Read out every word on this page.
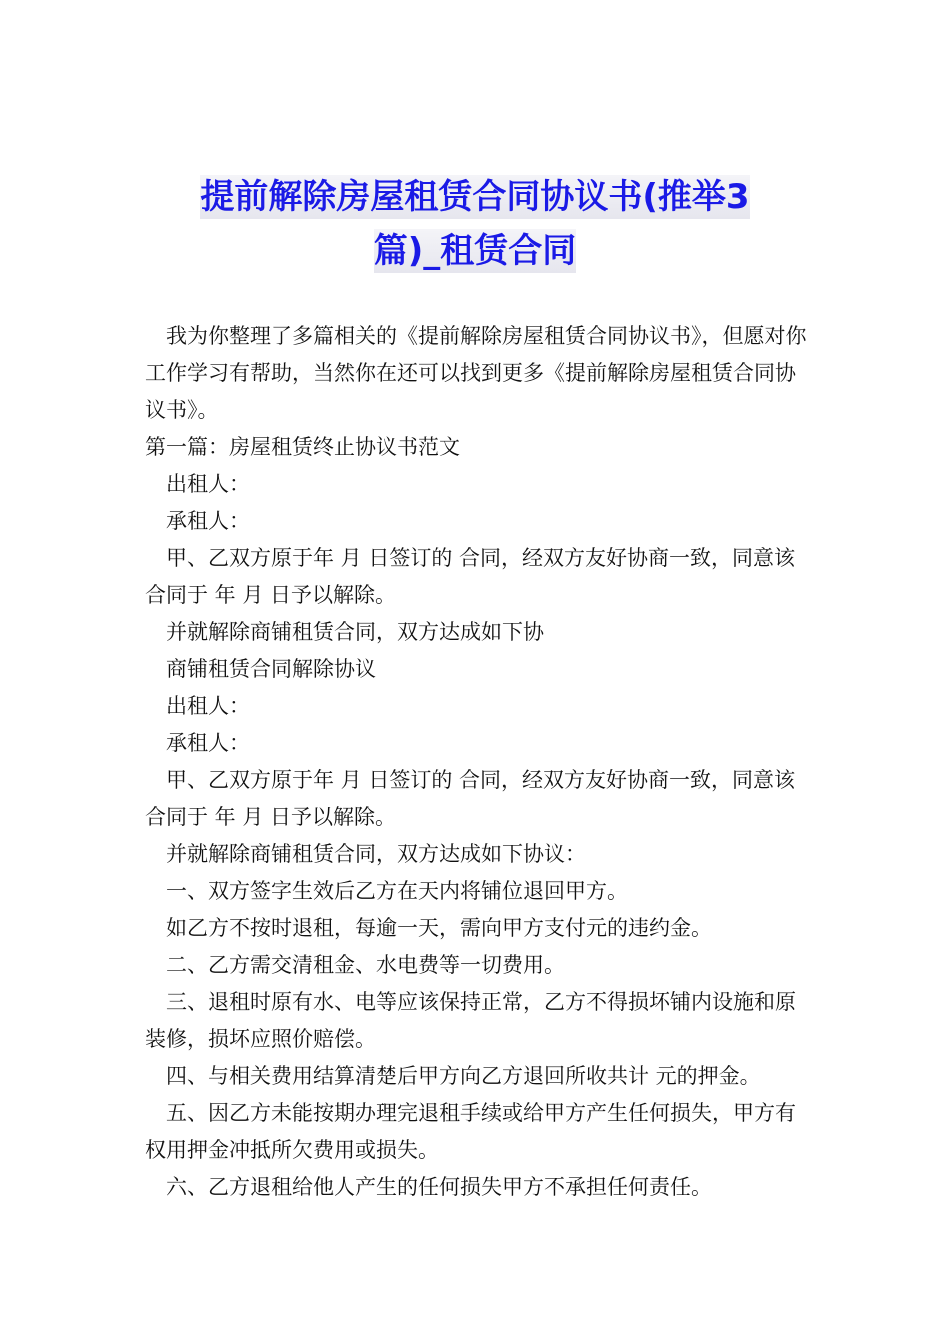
提前解除房屋租赁合同协议书(推举3
篇)_租赁合同

我为你整理了多篇相关的《提前解除房屋租赁合同协议书》，但愿对你工作学习有帮助，当然你在还可以找到更多《提前解除房屋租赁合同协议书》。

第一篇：房屋租赁终止协议书范文

出租人：

承租人：

甲、乙双方原于年 月 日签订的 合同，经双方友好协商一致，同意该合同于 年 月 日予以解除。

并就解除商铺租赁合同，双方达成如下协

商铺租赁合同解除协议

出租人：

承租人：

甲、乙双方原于年 月 日签订的 合同，经双方友好协商一致，同意该合同于 年 月 日予以解除。

并就解除商铺租赁合同，双方达成如下协议：

一、双方签字生效后乙方在天内将铺位退回甲方。

如乙方不按时退租，每逾一天，需向甲方支付元的违约金。

二、乙方需交清租金、水电费等一切费用。

三、退租时原有水、电等应该保持正常，乙方不得损坏铺内设施和原装修，损坏应照价赔偿。

四、与相关费用结算清楚后甲方向乙方退回所收共计 元的押金。

五、因乙方未能按期办理完退租手续或给甲方产生任何损失，甲方有权用押金冲抵所欠费用或损失。

六、乙方退租给他人产生的任何损失甲方不承担任何责任。
